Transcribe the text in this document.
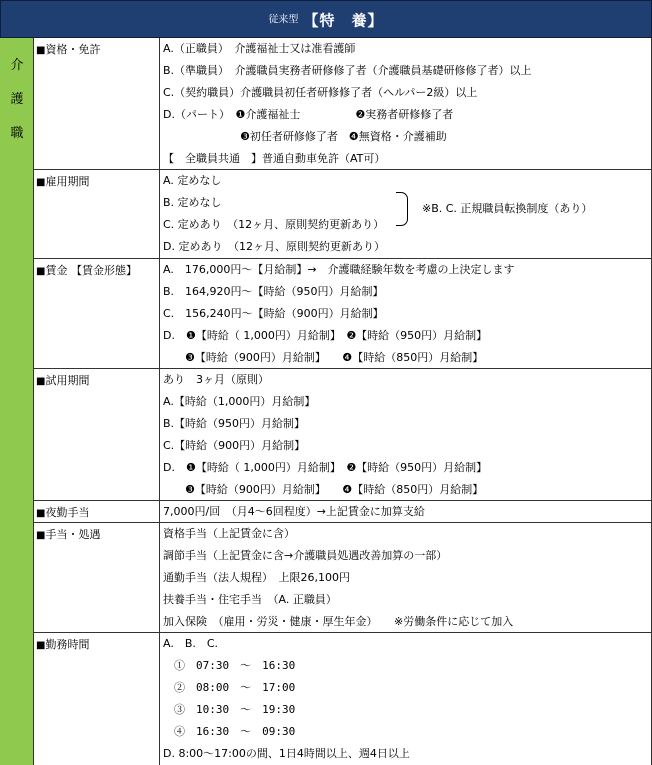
従来型 【特　養】
介
護
職
■資格・免許	A.（正職員）　介護福祉士又は准看護師
B.（準職員）　介護職員実務者研修修了者（介護職員基礎研修修了者）以上
C.（契約職員）介護職員初任者研修修了者（ヘルパー2級）以上
D.（パート）　❶介護福祉士　　　　　❷実務者研修修了者
　　　　　　　❸初任者研修修了者　❹無資格・介護補助
【　全職員共通　】普通自動車免許（AT可）
■雇用期間	A. 定めなし
B. 定めなし
C. 定めあり　（12ヶ月、原則契約更新あり）
D. 定めあり　（12ヶ月、原則契約更新あり）
※B. C. 正規職員転換制度（あり）
■賃金 【賃金形態】	A.　176,000円～【月給制】→　介護職経験年数を考慮の上決定します
B.　164,920円～【時給（950円）月給制】
C.　156,240円～【時給（900円）月給制】
D.　❶【時給（ 1,000円）月給制】　❷【時給（950円）月給制】
　　❸【時給（900円）月給制】　　❹【時給（850円）月給制】
■試用期間	あり　3ヶ月（原則）
A.【時給（1,000円）月給制】
B.【時給（950円）月給制】
C.【時給（900円）月給制】
D.　❶【時給（ 1,000円）月給制】　❷【時給（950円）月給制】
　　❸【時給（900円）月給制】　　❹【時給（850円）月給制】
■夜勤手当	7,000円/回　（月4～6回程度）→上記賃金に加算支給
■手当・処遇	資格手当（上記賃金に含）
調節手当（上記賃金に含→介護職員処遇改善加算の一部）
通勤手当（法人規程）　上限26,100円
扶養手当・住宅手当　（A. 正職員）
加入保険　（雇用・労災・健康・厚生年金）　　※労働条件に応じて加入
■勤務時間	A.　B.　C.
　①　07:30　～　16:30
　②　08:00　～　17:00
　③　10:30　～　19:30
　④　16:30　～　09:30
D. 8:00～17:00の間、1日4時間以上、週4日以上
